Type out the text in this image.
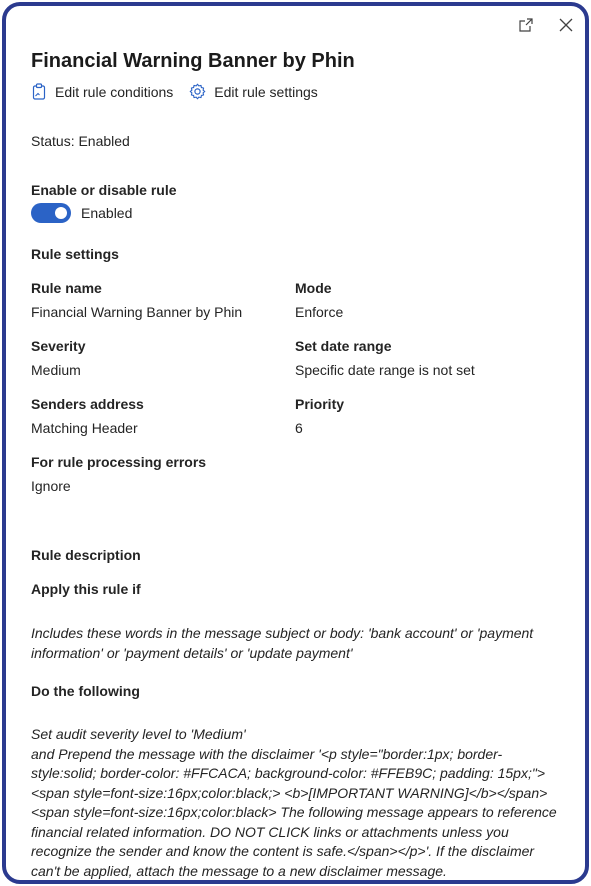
Financial Warning Banner by Phin
Edit rule conditions	Edit rule settings
Status: Enabled
Enable or disable rule
Enabled
Rule settings
Rule name
Financial Warning Banner by Phin
Mode
Enforce
Severity
Medium
Set date range
Specific date range is not set
Senders address
Matching Header
Priority
6
For rule processing errors
Ignore
Rule description
Apply this rule if
Includes these words in the message subject or body: 'bank account' or 'payment information' or 'payment details' or 'update payment'
Do the following
Set audit severity level to 'Medium'
and Prepend the message with the disclaimer '<p style="border:1px; border-style:solid; border-color: #FFCACA; background-color: #FFEB9C; padding: 15px;"> <span style=font-size:16px;color:black;> <b>[IMPORTANT WARNING]</b></span> <span style=font-size:16px;color:black> The following message appears to reference financial related information. DO NOT CLICK links or attachments unless you recognize the sender and know the content is safe.</span></p>'. If the disclaimer can't be applied, attach the message to a new disclaimer message.
